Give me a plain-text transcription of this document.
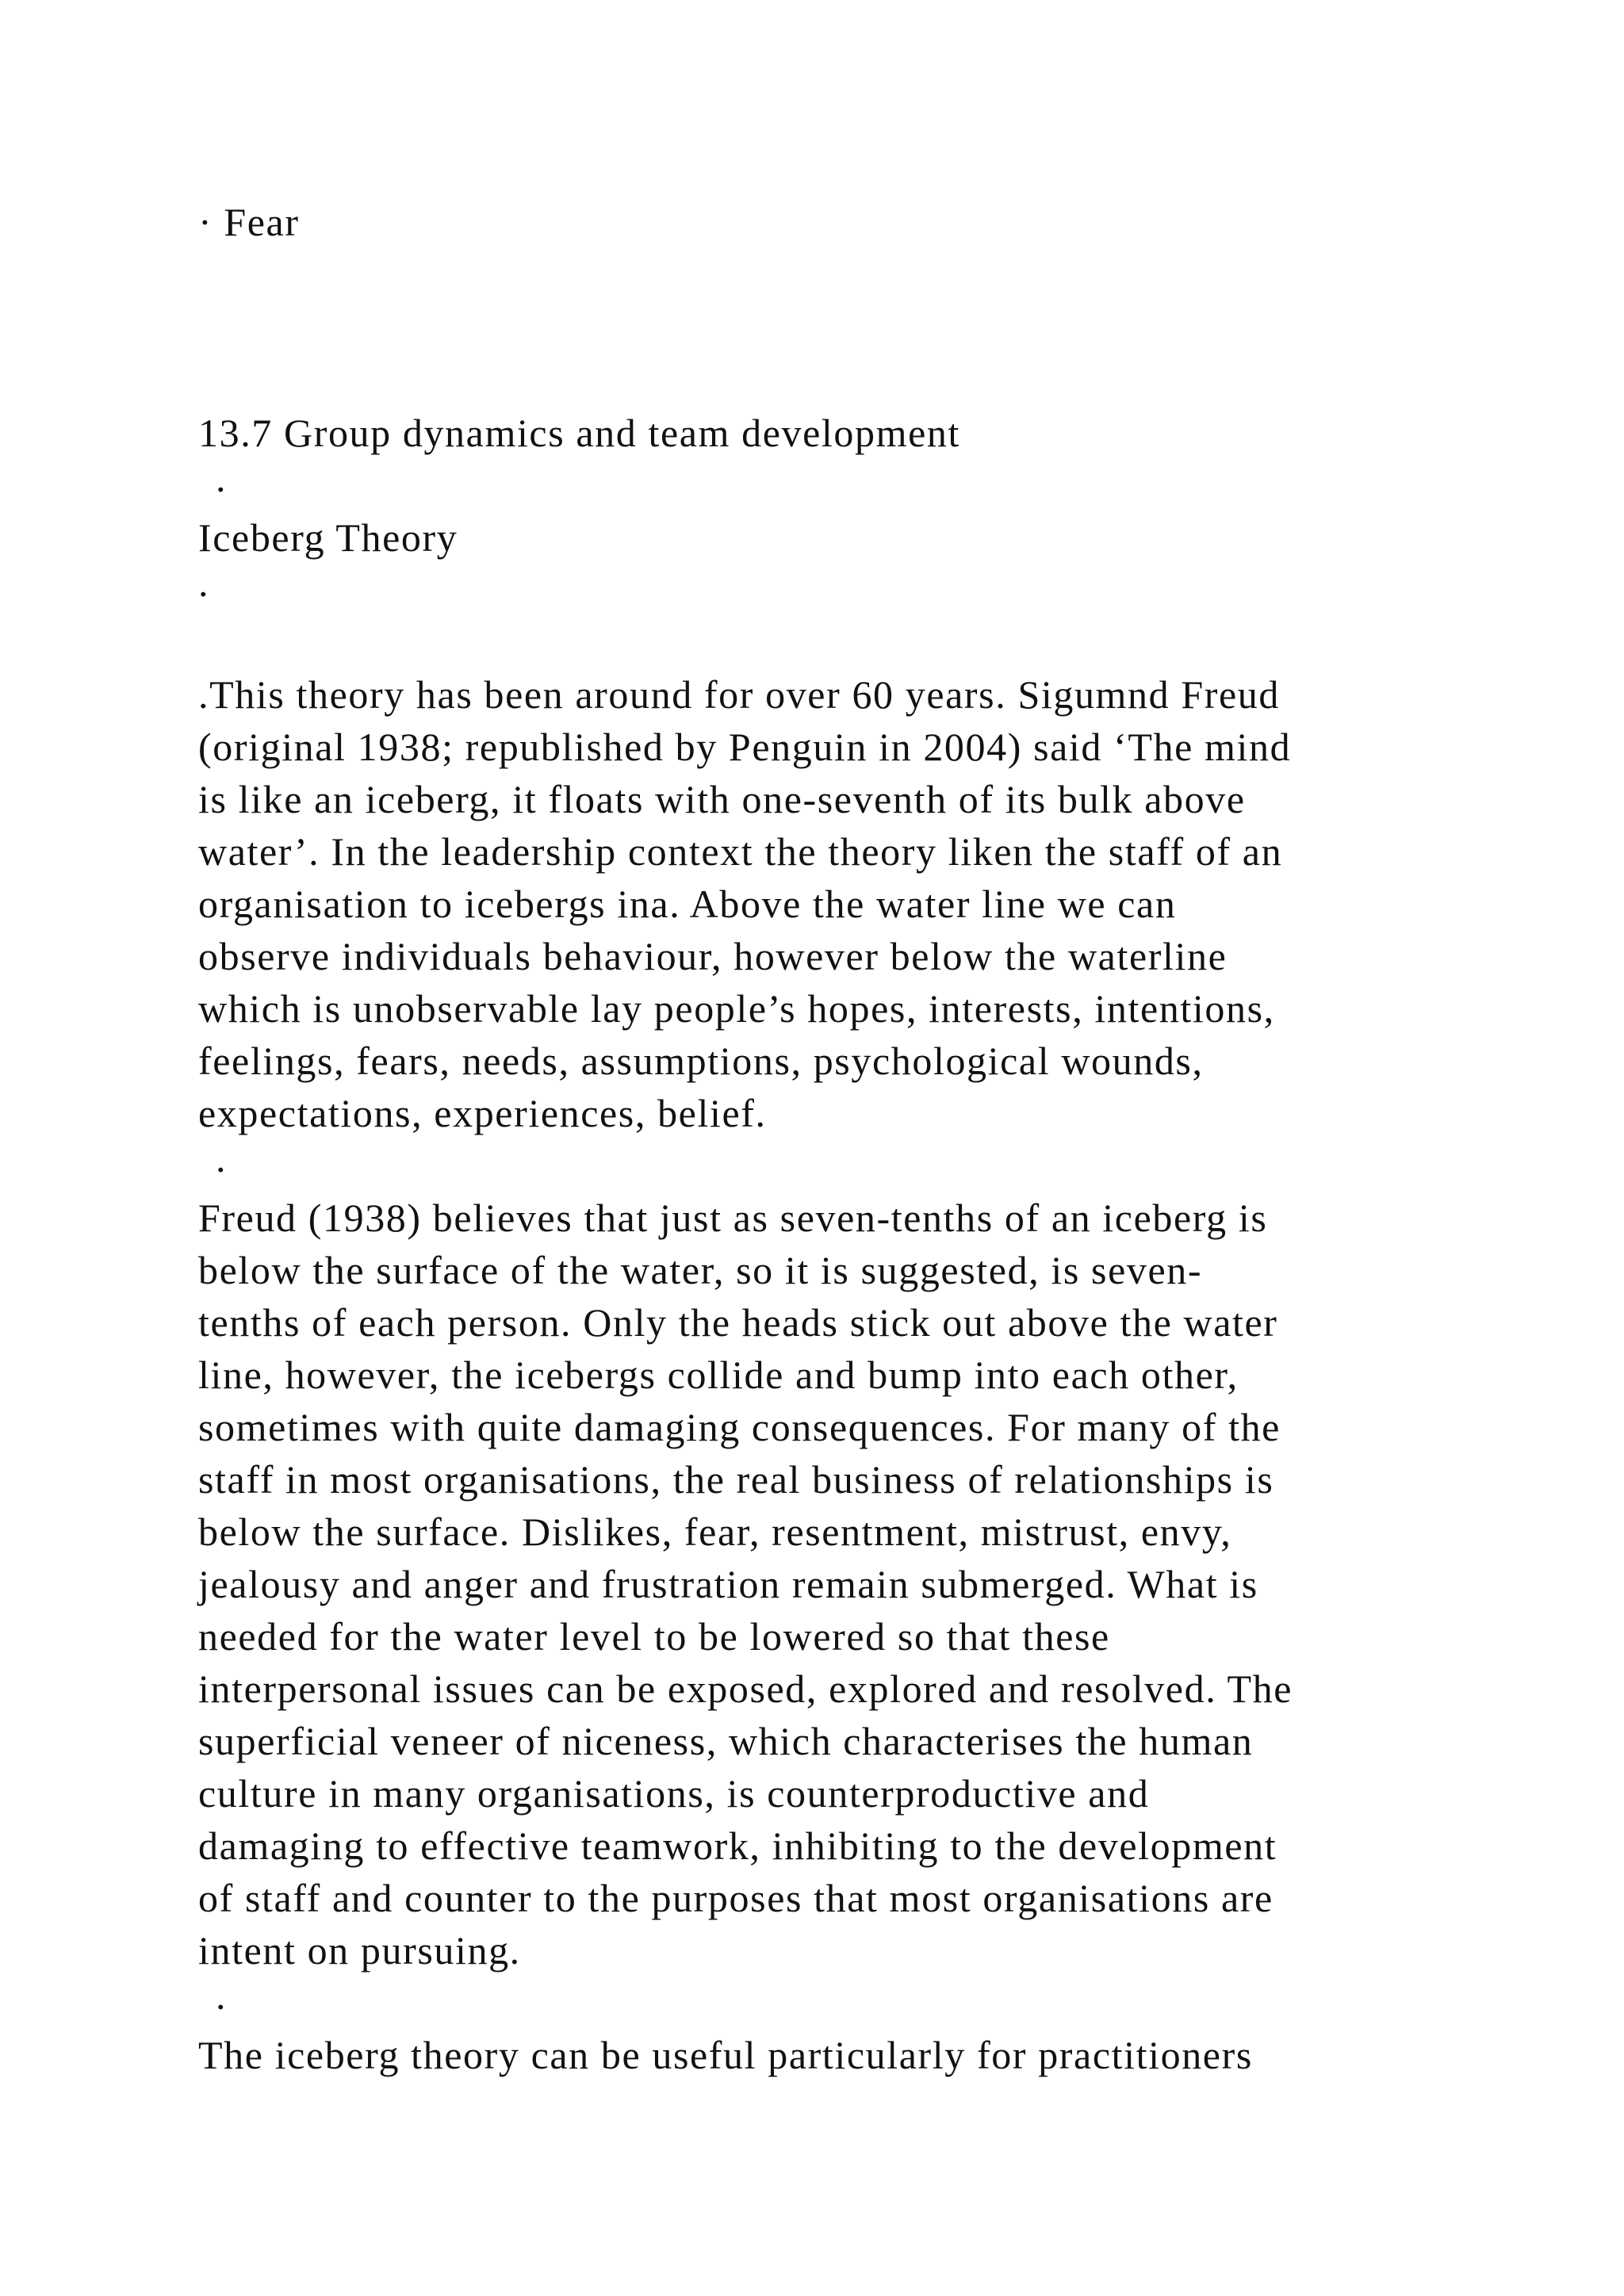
· Fear
13.7 Group dynamics and team development
.
Iceberg Theory
.
.This theory has been around for over 60 years. Sigumnd Freud
(original 1938; republished by Penguin in 2004) said ‘The mind
is like an iceberg, it floats with one-seventh of its bulk above
water’. In the leadership context the theory liken the staff of an
organisation to icebergs ina. Above the water line we can
observe individuals behaviour, however below the waterline
which is unobservable lay people’s hopes, interests, intentions,
feelings, fears, needs, assumptions, psychological wounds,
expectations, experiences, belief.
.
Freud (1938) believes that just as seven-tenths of an iceberg is
below the surface of the water, so it is suggested, is seven-
tenths of each person. Only the heads stick out above the water
line, however, the icebergs collide and bump into each other,
sometimes with quite damaging consequences. For many of the
staff in most organisations, the real business of relationships is
below the surface. Dislikes, fear, resentment, mistrust, envy,
jealousy and anger and frustration remain submerged. What is
needed for the water level to be lowered so that these
interpersonal issues can be exposed, explored and resolved. The
superficial veneer of niceness, which characterises the human
culture in many organisations, is counterproductive and
damaging to effective teamwork, inhibiting to the development
of staff and counter to the purposes that most organisations are
intent on pursuing.
.
The iceberg theory can be useful particularly for practitioners
